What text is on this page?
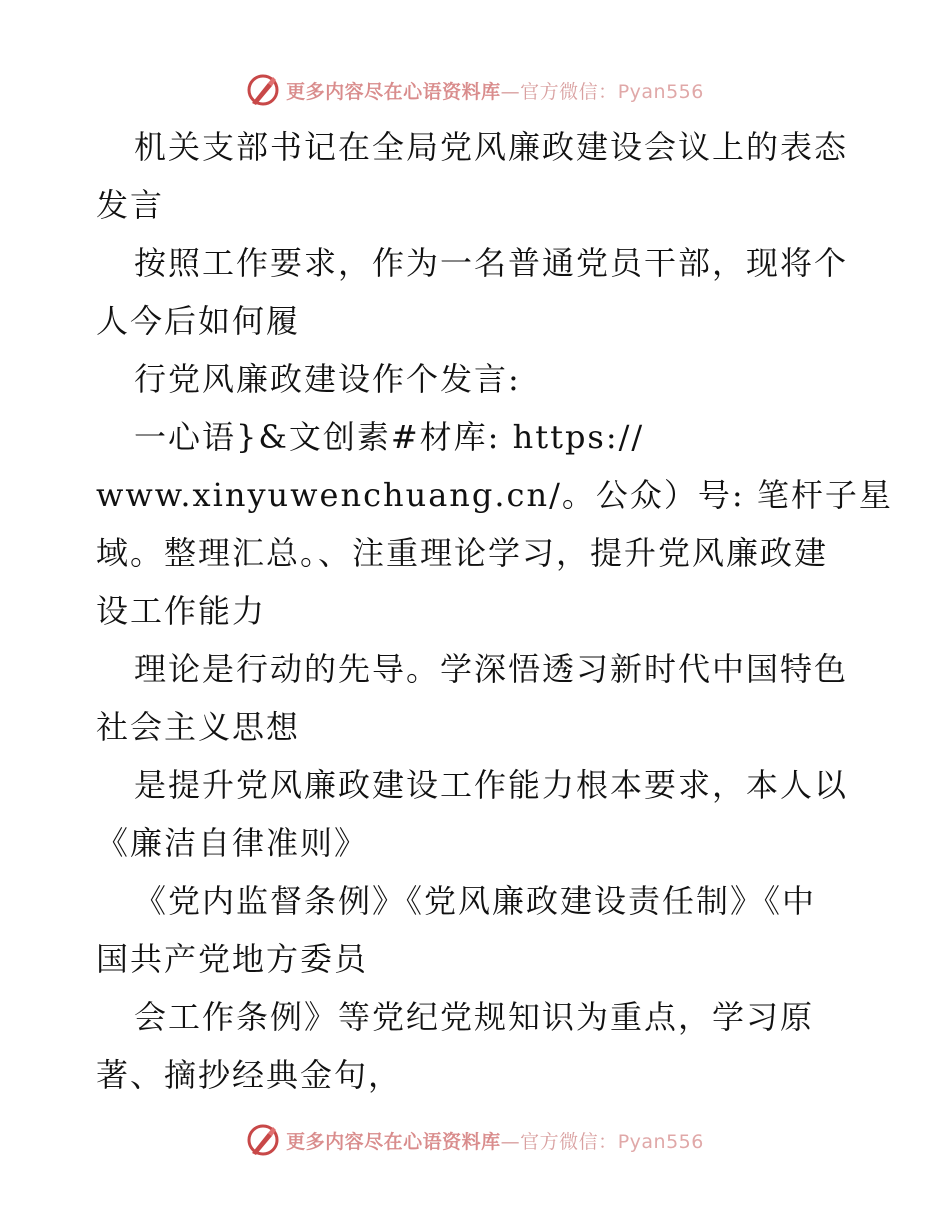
更多内容尽在心语资料库—官方微信：Pyan556
机关支部书记在全局党风廉政建设会议上的表态
发言
按照工作要求，作为一名普通党员干部，现将个
人今后如何履
行党风廉政建设作个发言:
一心语}&文创素#材库: https://
www.xinyuwenchuang.cn/。公众）号: 笔杆子星
域。整理汇总。、注重理论学习，提升党风廉政建
设工作能力
理论是行动的先导。学深悟透习新时代中国特色
社会主义思想
是提升党风廉政建设工作能力根本要求，本人以
《廉洁自律准则》
《党内监督条例》《党风廉政建设责任制》《中
国共产党地方委员
会工作条例》等党纪党规知识为重点，学习原
著、摘抄经典金句，
更多内容尽在心语资料库—官方微信：Pyan556
